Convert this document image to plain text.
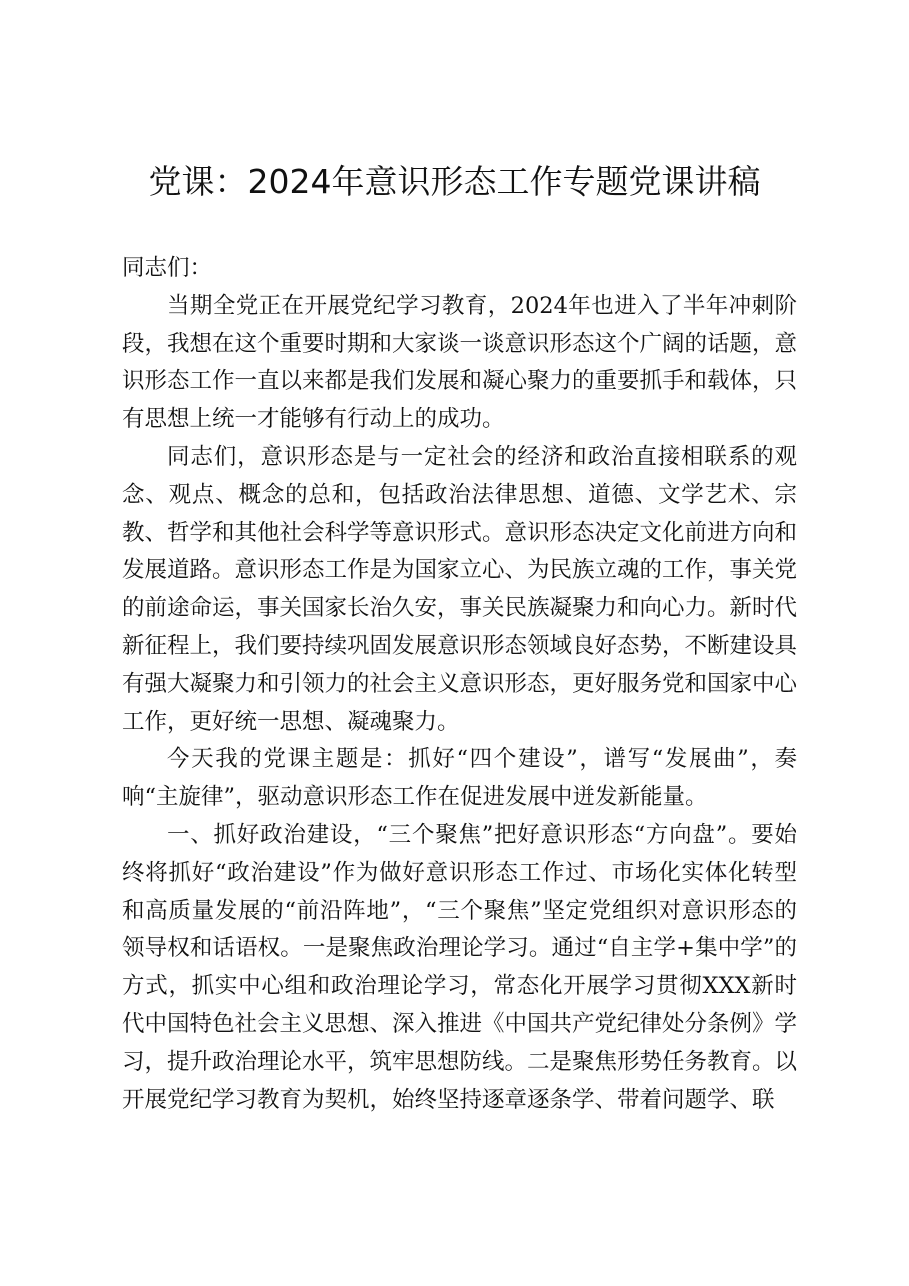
党课：2024年意识形态工作专题党课讲稿

同志们：

当期全党正在开展党纪学习教育，2024年也进入了半年冲刺阶段，我想在这个重要时期和大家谈一谈意识形态这个广阔的话题，意识形态工作一直以来都是我们发展和凝心聚力的重要抓手和载体，只有思想上统一才能够有行动上的成功。

同志们，意识形态是与一定社会的经济和政治直接相联系的观念、观点、概念的总和，包括政治法律思想、道德、文学艺术、宗教、哲学和其他社会科学等意识形式。意识形态决定文化前进方向和发展道路。意识形态工作是为国家立心、为民族立魂的工作，事关党的前途命运，事关国家长治久安，事关民族凝聚力和向心力。新时代新征程上，我们要持续巩固发展意识形态领域良好态势，不断建设具有强大凝聚力和引领力的社会主义意识形态，更好服务党和国家中心工作，更好统一思想、凝魂聚力。

今天我的党课主题是：抓好“四个建设”，谱写“发展曲”，奏响“主旋律”，驱动意识形态工作在促进发展中迸发新能量。

一、抓好政治建设，“三个聚焦”把好意识形态“方向盘”。要始终将抓好“政治建设”作为做好意识形态工作过、市场化实体化转型和高质量发展的“前沿阵地”，“三个聚焦”坚定党组织对意识形态的领导权和话语权。一是聚焦政治理论学习。通过“自主学+集中学”的方式，抓实中心组和政治理论学习，常态化开展学习贯彻XXX新时代中国特色社会主义思想、深入推进《中国共产党纪律处分条例》学习，提升政治理论水平，筑牢思想防线。二是聚焦形势任务教育。以开展党纪学习教育为契机，始终坚持逐章逐条学、带着问题学、联
